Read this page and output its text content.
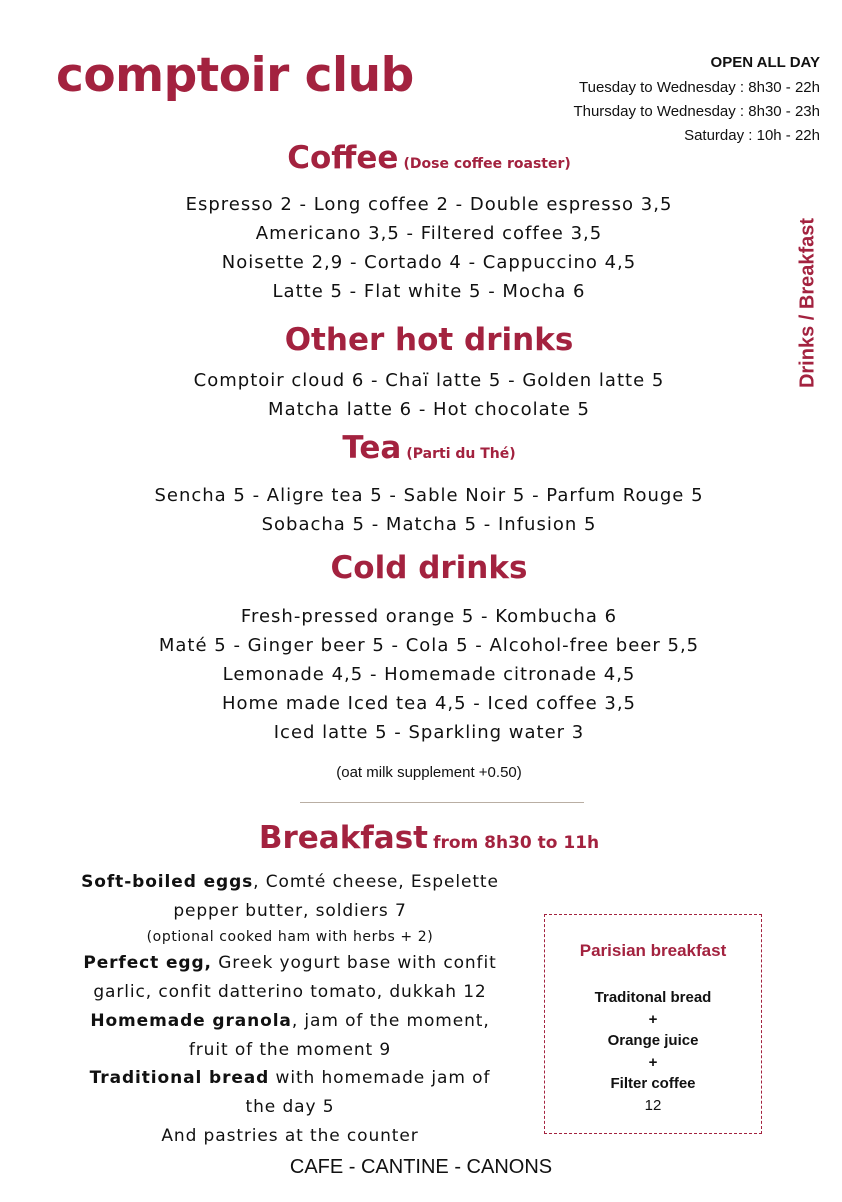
comptoir club	OPEN ALL DAY
Tuesday to Wednesday : 8h30 - 22h
Thursday to Wednesday : 8h30 - 23h
Saturday : 10h - 22h
Drinks / Breakfast
Coffee (Dose coffee roaster)
Espresso 2 - Long coffee 2 - Double espresso 3,5
Americano 3,5 - Filtered coffee 3,5
Noisette 2,9 - Cortado 4 - Cappuccino 4,5
Latte 5 - Flat white 5 - Mocha 6
Other hot drinks
Comptoir cloud 6 - Chaï latte 5 - Golden latte 5
Matcha latte 6 - Hot chocolate 5
Tea (Parti du Thé)
Sencha 5 - Aligre tea 5 - Sable Noir 5 - Parfum Rouge 5
Sobacha 5 - Matcha 5 - Infusion 5
Cold drinks
Fresh-pressed orange 5 - Kombucha 6
Maté 5 - Ginger beer 5 - Cola 5 - Alcohol-free beer 5,5
Lemonade 4,5 - Homemade citronade 4,5
Home made Iced tea 4,5 - Iced coffee 3,5
Iced latte 5 - Sparkling water 3
(oat milk supplement +0.50)
Breakfast from 8h30 to 11h
Soft-boiled eggs, Comté cheese, Espelette
pepper butter, soldiers 7
(optional cooked ham with herbs + 2)
Perfect egg, Greek yogurt base with confit
garlic, confit datterino tomato, dukkah 12
Homemade granola, jam of the moment,
fruit of the moment 9
Traditional bread with homemade jam of
the day 5
And pastries at the counter
Parisian breakfast
Traditonal bread
+
Orange juice
+
Filter coffee
12
CAFE - CANTINE - CANONS
